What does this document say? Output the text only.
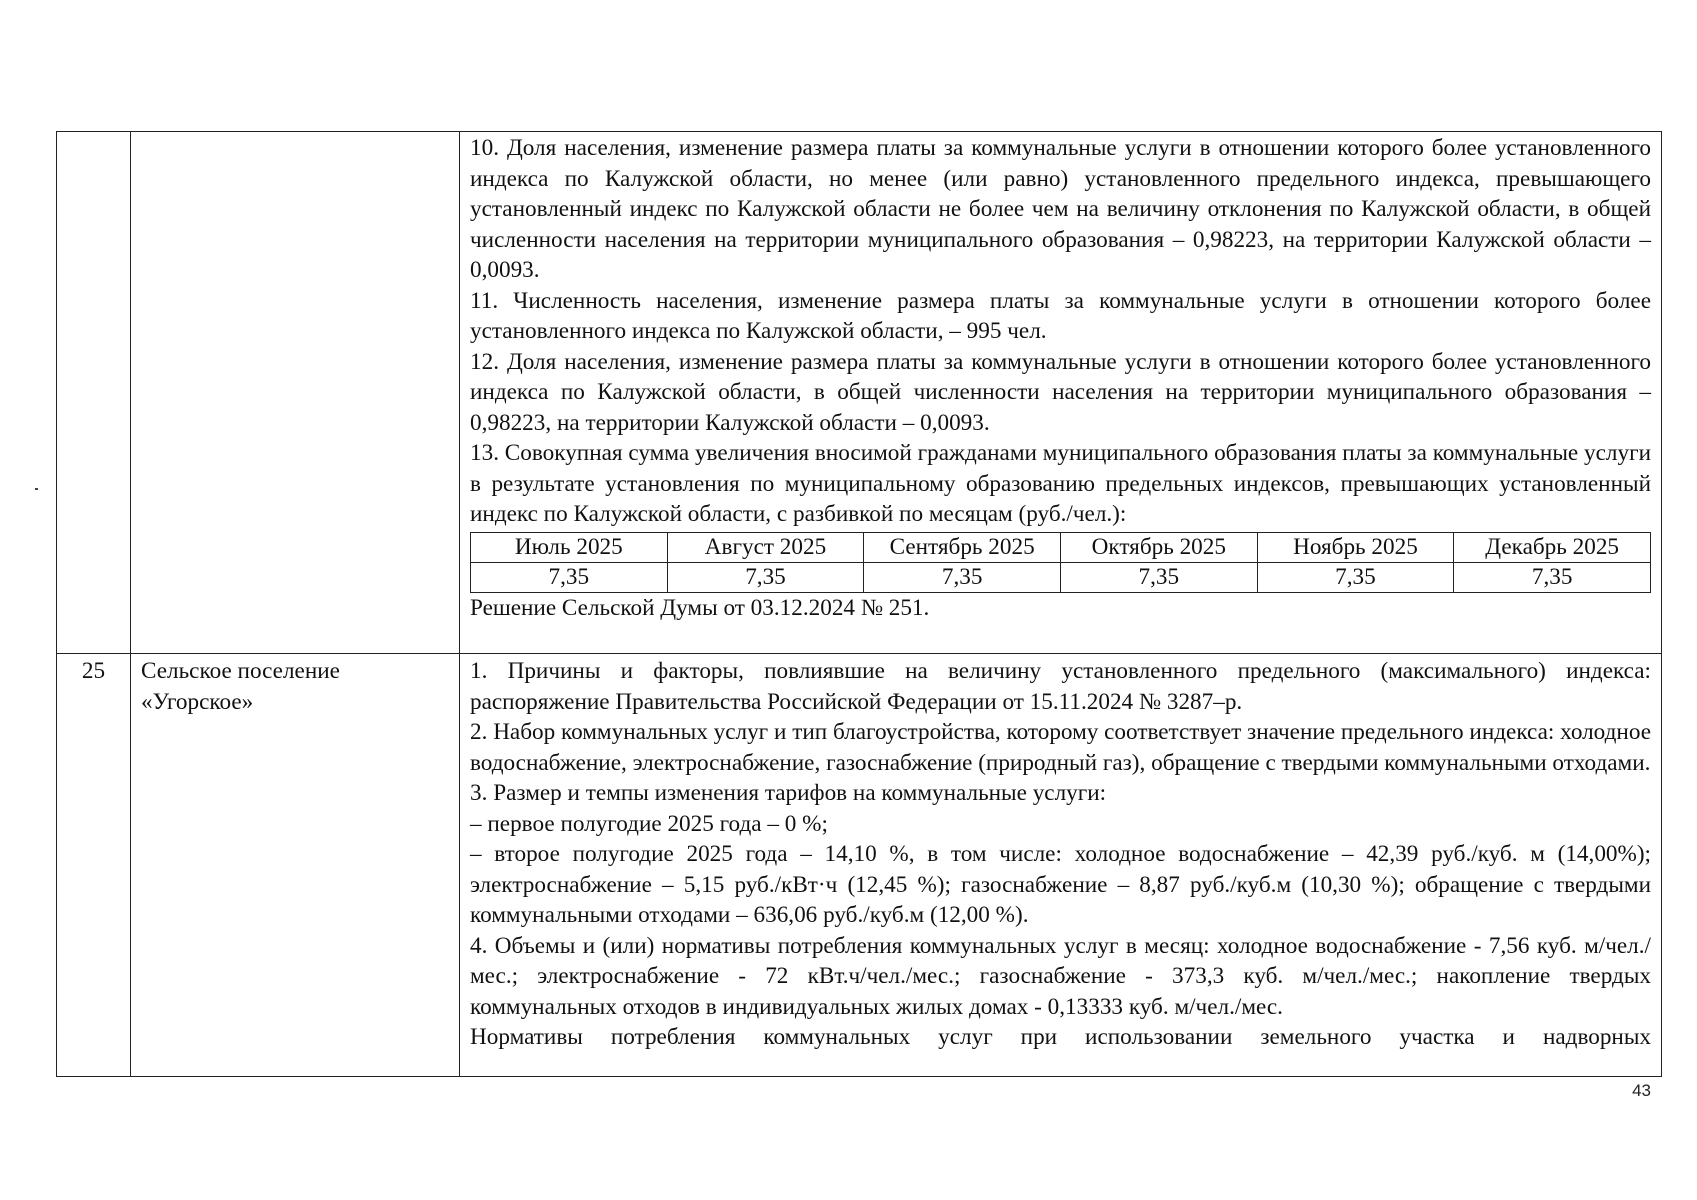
10. Доля населения, изменение размера платы за коммунальные услуги в отношении которого более установленного индекса по Калужской области, но менее (или равно) установленного предельного индекса, превышающего установленный индекс по Калужской области не более чем на величину отклонения по Калужской области, в общей численности населения на территории муниципального образования – 0,98223, на территории Калужской области – 0,0093.

11. Численность населения, изменение размера платы за коммунальные услуги в отношении которого более установленного индекса по Калужской области, – 995 чел.

12. Доля населения, изменение размера платы за коммунальные услуги в отношении которого более установленного индекса по Калужской области, в общей численности населения на территории муниципального образования – 0,98223, на территории Калужской области – 0,0093.

13. Совокупная сумма увеличения вносимой гражданами муниципального образования платы за коммунальные услуги в результате установления по муниципальному образованию предельных индексов, превышающих установленный индекс по Калужской области, с разбивкой по месяцам (руб./чел.):

Июль 2025	Август 2025	Сентябрь 2025	Октябрь 2025	Ноябрь 2025	Декабрь 2025
7,35	7,35	7,35	7,35	7,35	7,35

Решение Сельской Думы от 03.12.2024 № 251.

25	Сельское поселение
«Угорское»

1. Причины и факторы, повлиявшие на величину установленного предельного (максимального) индекса: распоряжение Правительства Российской Федерации от 15.11.2024 № 3287–р.

2. Набор коммунальных услуг и тип благоустройства, которому соответствует значение предельного индекса: холодное водоснабжение, электроснабжение, газоснабжение (природный газ), обращение с твердыми коммунальными отходами.

3. Размер и темпы изменения тарифов на коммунальные услуги:

– первое полугодие 2025 года – 0 %;

– второе полугодие 2025 года – 14,10 %, в том числе: холодное водоснабжение – 42,39 руб./куб. м (14,00%); электроснабжение – 5,15 руб./кВт·ч (12,45 %); газоснабжение – 8,87 руб./куб.м (10,30 %); обращение с твердыми коммунальными отходами – 636,06 руб./куб.м (12,00 %).

4. Объемы и (или) нормативы потребления коммунальных услуг в месяц: холодное водоснабжение - 7,56 куб. м/чел./мес.; электроснабжение - 72 кВт.ч/чел./мес.; газоснабжение - 373,3 куб. м/чел./мес.; накопление твердых коммунальных отходов в индивидуальных жилых домах - 0,13333 куб. м/чел./мес.

Нормативы потребления коммунальных услуг при использовании земельного участка и надворных

43
